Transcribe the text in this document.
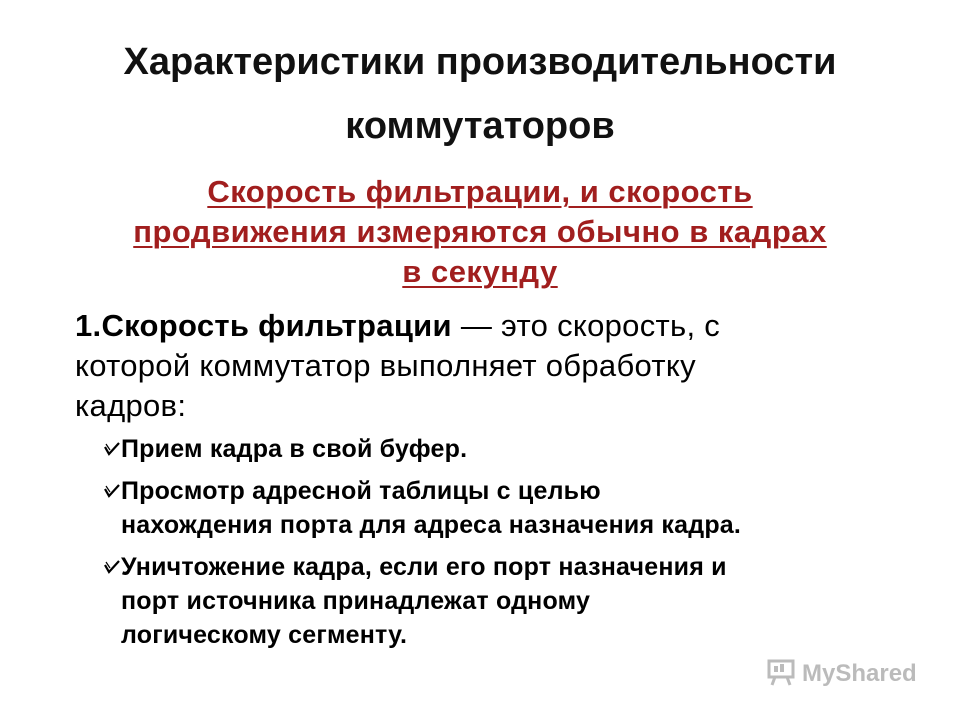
Характеристики производительности
коммутаторов
Скорость фильтрации, и скорость
продвижения измеряются обычно в кадрах
в секунду
1.Скорость фильтрации — это скорость, с
которой коммутатор выполняет обработку
кадров:
Прием кадра в свой буфер.
Просмотр адресной таблицы с целью
нахождения порта для адреса назначения кадра.
Уничтожение кадра, если его порт назначения и
порт источника принадлежат одному
логическому сегменту.
MyShared
